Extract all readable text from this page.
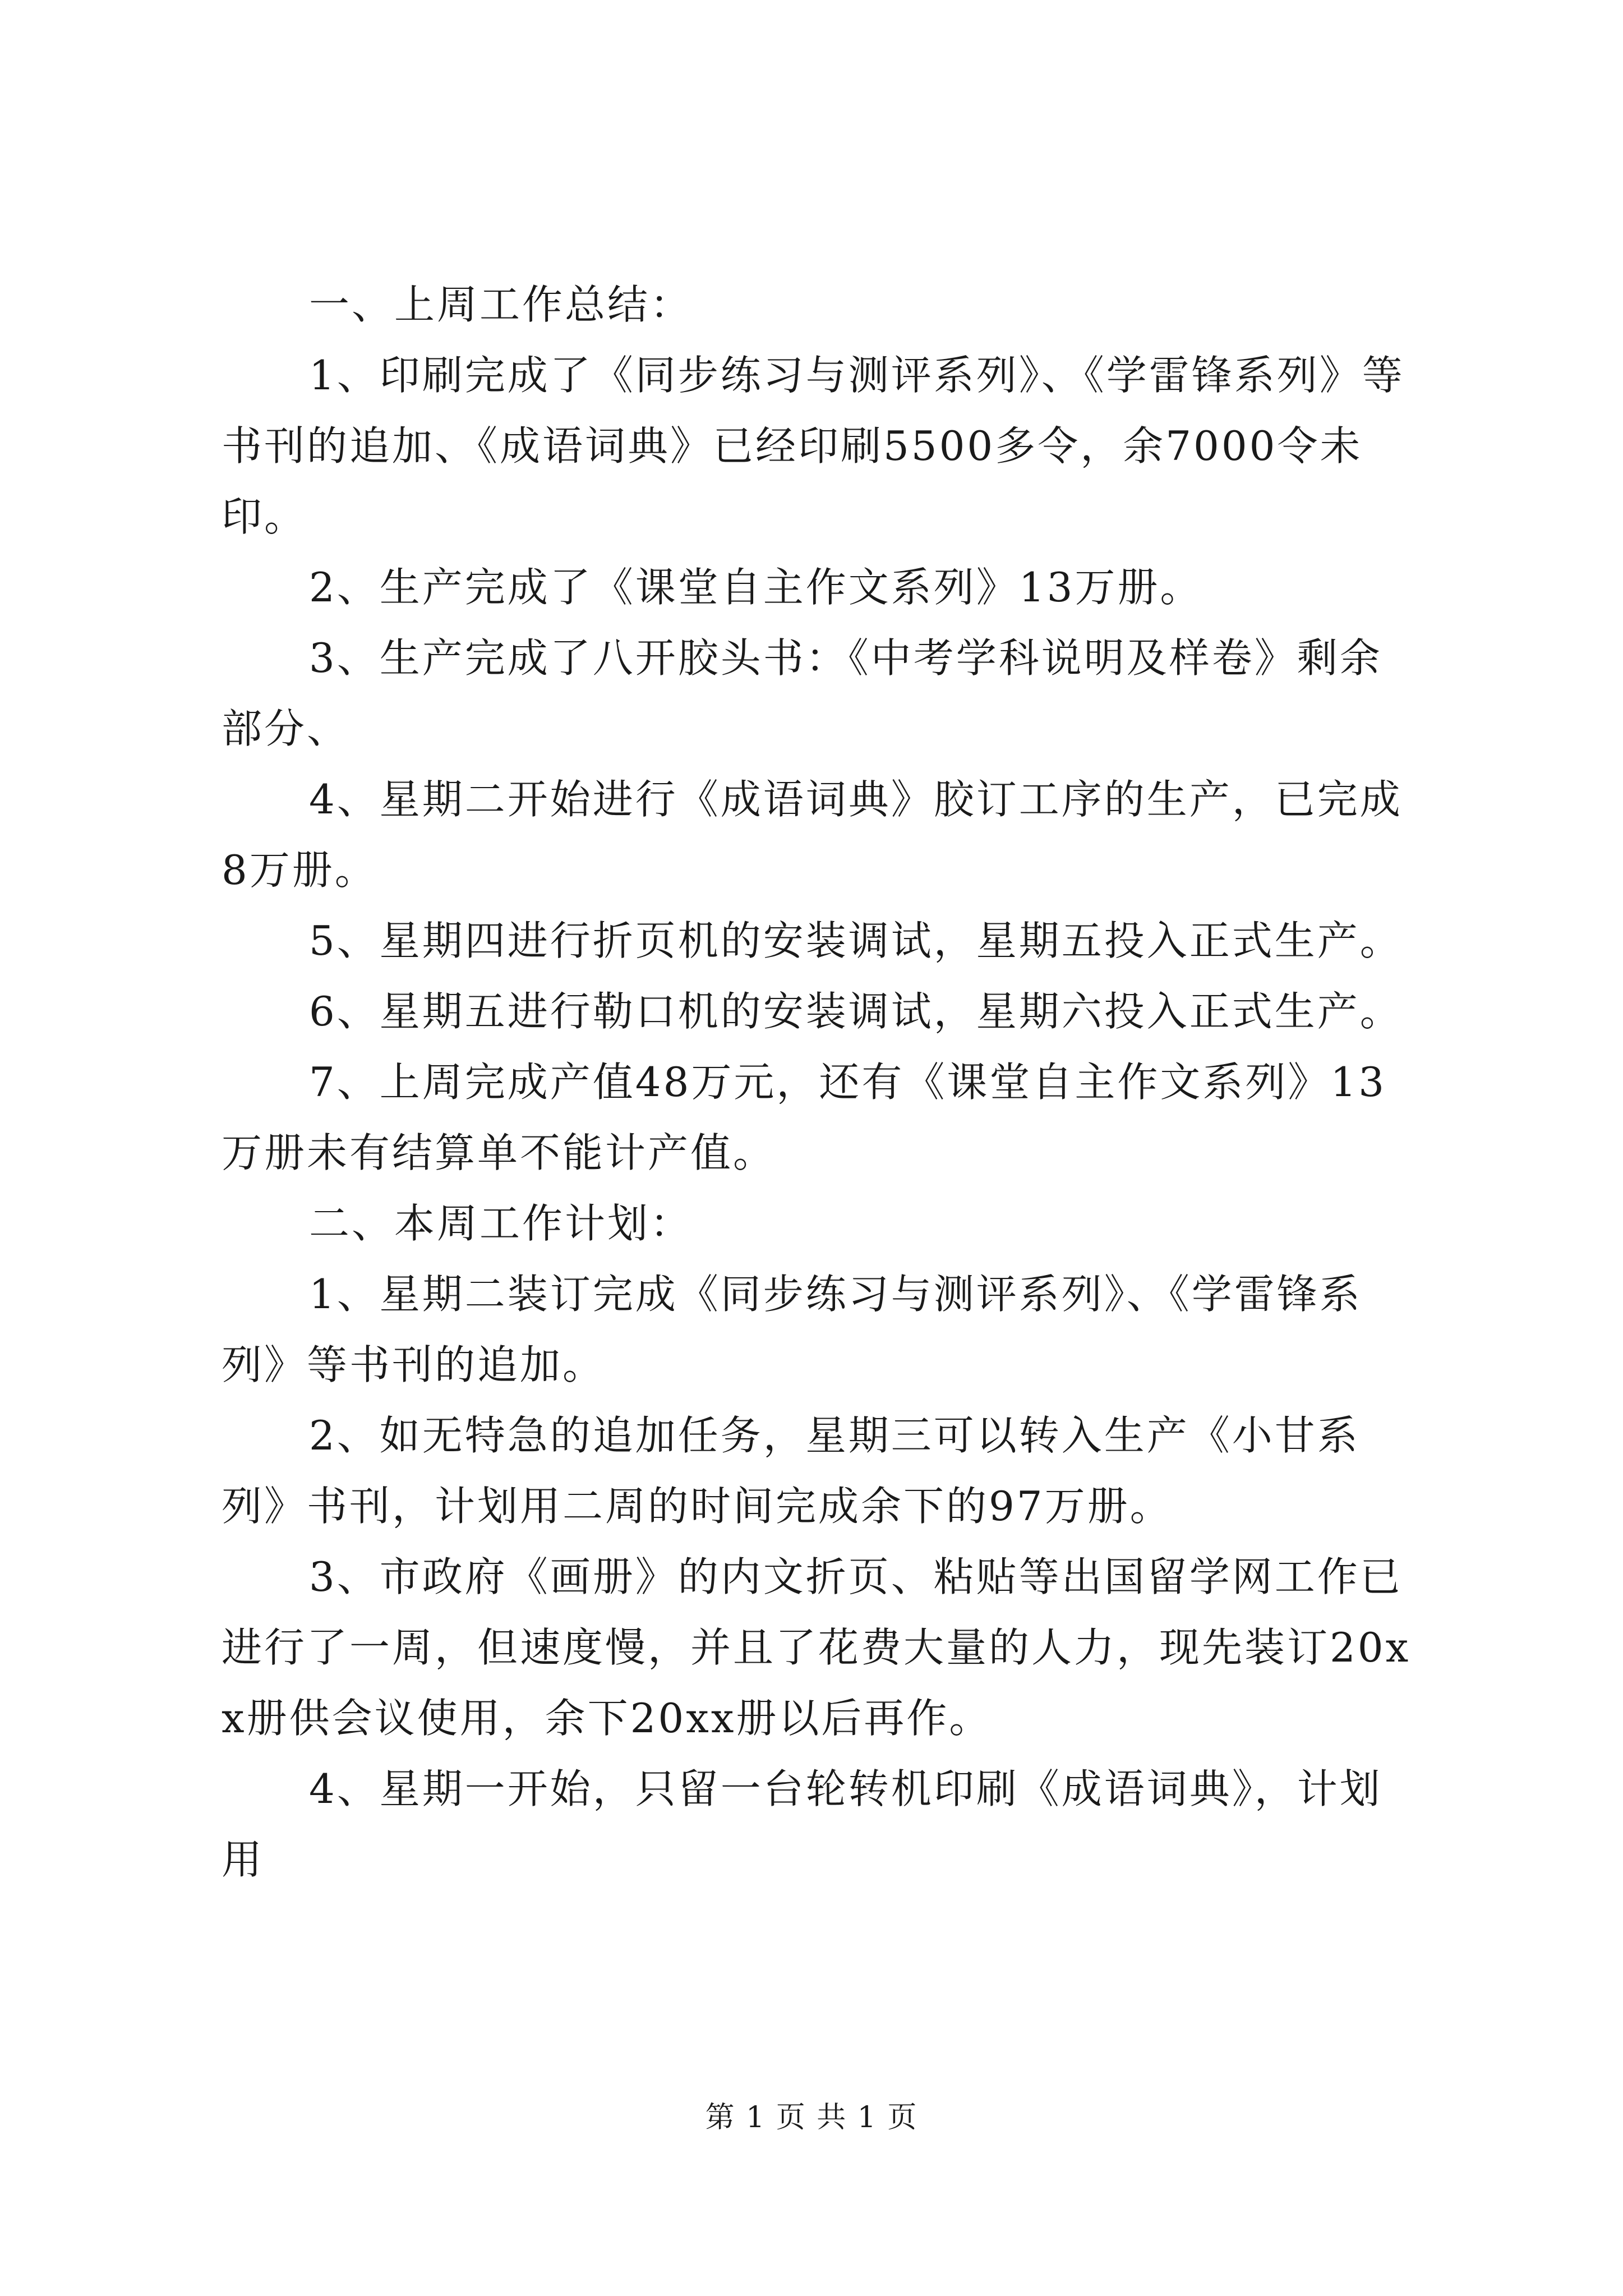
一、上周工作总结：

1、印刷完成了《同步练习与测评系列》、《学雷锋系列》等书刊的追加、《成语词典》已经印刷5500多令，余7000令未印。

2、生产完成了《课堂自主作文系列》13万册。

3、生产完成了八开胶头书：《中考学科说明及样卷》剩余部分、

4、星期二开始进行《成语词典》胶订工序的生产，已完成8万册。

5、星期四进行折页机的安装调试，星期五投入正式生产。

6、星期五进行勒口机的安装调试，星期六投入正式生产。

7、上周完成产值48万元，还有《课堂自主作文系列》13万册未有结算单不能计产值。

二、本周工作计划：

1、星期二装订完成《同步练习与测评系列》、《学雷锋系列》等书刊的追加。

2、如无特急的追加任务，星期三可以转入生产《小甘系列》书刊，计划用二周的时间完成余下的97万册。

3、市政府《画册》的内文折页、粘贴等出国留学网工作已进行了一周，但速度慢，并且了花费大量的人力，现先装订20xx册供会议使用，余下20xx册以后再作。

4、星期一开始，只留一台轮转机印刷《成语词典》，计划用

第 1 页 共 1 页
